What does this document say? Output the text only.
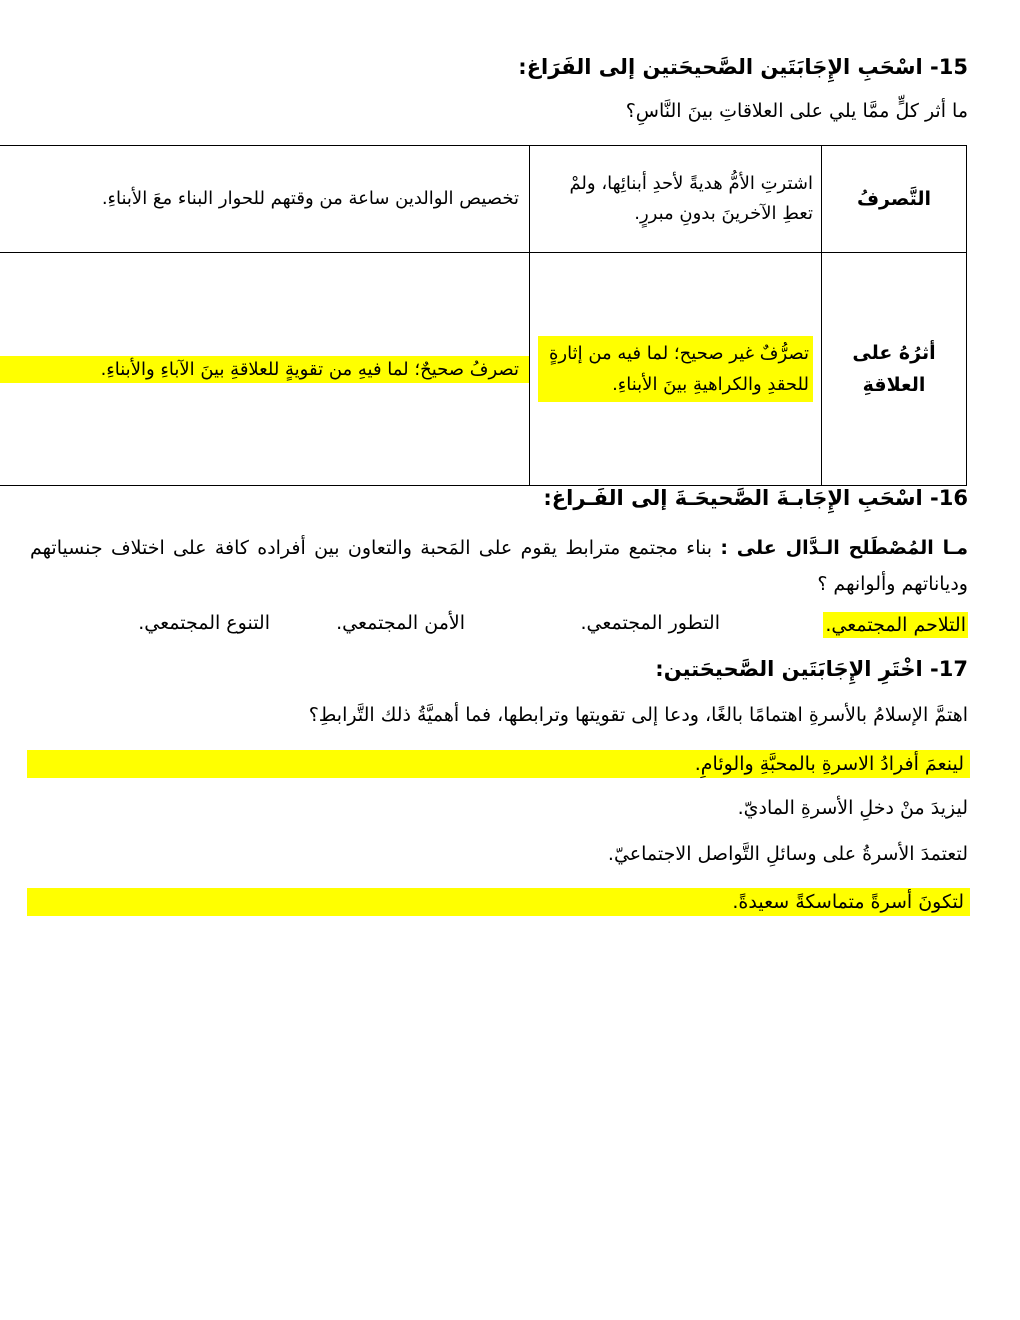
15- اسْحَبِ الإِجَابَتَين الصَّحيحَتين إلى الفَرَاغ:
ما أثر كلٍّ ممَّا يلي على العلاقاتِ بينَ النَّاسِ؟
التَّصرفُ	اشترتِ الأمُّ هديةً لأحدِ أبنائِها، ولمْ تعطِ الآخرينَ بدونِ مبررٍ.	تخصيص الوالدين ساعة من وقتهم للحوار البناء معَ الأبناءِ.

أثرُهُ على العلاقةِ	تصرُّفٌ غير صحيح؛ لما فيه من إثارةٍ للحقدِ والكراهيةِ بينَ الأبناءِ.	تصرفُ صحيحٌ؛ لما فيهِ من تقويةٍ للعلاقةِ بينَ الآباءِ والأبناءِ.
16- اسْحَبِ الإِجَابـةَ الصَّحيحَـةَ إلى الفَـراغ:
مـا المُصْطَلح الـدَّال على : بناء مجتمع مترابط يقوم على المَحبة والتعاون بين أفراده كافة على اختلاف جنسياتهم ودياناتهم وألوانهم ؟
التلاحم المجتمعي.
التطور المجتمعي.
الأمن المجتمعي.
التنوع المجتمعي.
17- اخْتَرِ الإِجَابَتَين الصَّحيحَتين:
اهتمَّ الإسلامُ بالأسرةِ اهتمامًا بالغًا، ودعا إلى تقويتها وترابطها، فما أهميَّةُ ذلك التَّرابطِ؟
لينعمَ أفرادُ الاسرةِ بالمحبَّةِ والوئامِ.
ليزيدَ منْ دخلِ الأسرةِ الماديّ.
لتعتمدَ الأسرةُ على وسائلِ التَّواصل الاجتماعيّ.
لتكونَ أسرةً متماسكةً سعيدةً.
